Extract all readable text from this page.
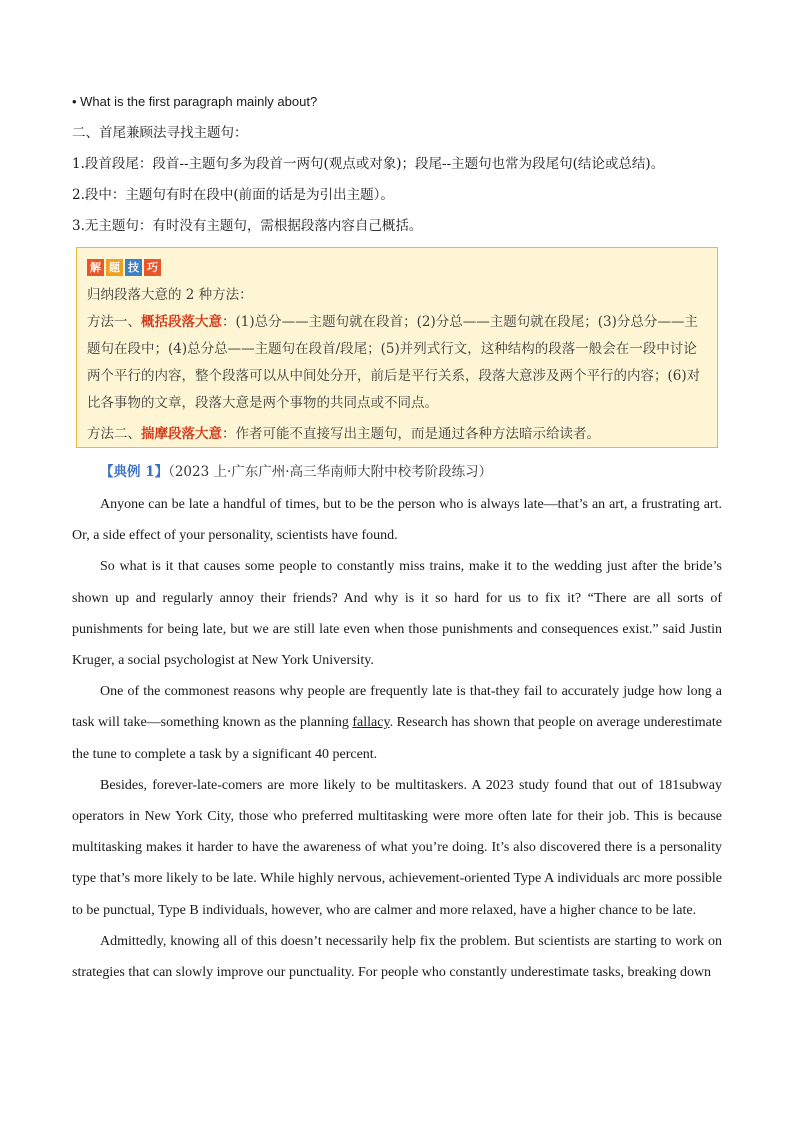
• What is the first paragraph mainly about?
二、首尾兼顾法寻找主题句：
1.段首段尾：段首--主题句多为段首一两句(观点或对象)；段尾--主题句也常为段尾句(结论或总结)。
2.段中：主题句有时在段中(前面的话是为引出主题）。
3.无主题句：有时没有主题句，需根据段落内容自己概括。
解 题 技 巧
归纳段落大意的 2 种方法：
方法一、概括段落大意：(1)总分——主题句就在段首；(2)分总——主题句就在段尾；(3)分总分——主题句在段中；(4)总分总——主题句在段首/段尾；(5)并列式行文，这种结构的段落一般会在一段中讨论两个平行的内容，整个段落可以从中间处分开，前后是平行关系，段落大意涉及两个平行的内容；(6)对比各事物的文章，段落大意是两个事物的共同点或不同点。
方法二、揣摩段落大意：作者可能不直接写出主题句，而是通过各种方法暗示给读者。
【典例 1】（2023 上·广东广州·高三华南师大附中校考阶段练习）

Anyone can be late a handful of times, but to be the person who is always late—that’s an art, a frustrating art. Or, a side effect of your personality, scientists have found.

So what is it that causes some people to constantly miss trains, make it to the wedding just after the bride’s shown up and regularly annoy their friends? And why is it so hard for us to fix it? “There are all sorts of punishments for being late, but we are still late even when those punishments and consequences exist.” said Justin Kruger, a social psychologist at New York University.

One of the commonest reasons why people are frequently late is that-they fail to accurately judge how long a task will take—something known as the planning fallacy. Research has shown that people on average underestimate the tune to complete a task by a significant 40 percent.

Besides, forever-late-comers are more likely to be multitaskers. A 2023 study found that out of 181subway operators in New York City, those who preferred multitasking were more often late for their job. This is because multitasking makes it harder to have the awareness of what you’re doing. It’s also discovered there is a personality type that’s more likely to be late. While highly nervous, achievement-oriented Type A individuals arc more possible to be punctual, Type B individuals, however, who are calmer and more relaxed, have a higher chance to be late.

Admittedly, knowing all of this doesn’t necessarily help fix the problem. But scientists are starting to work on strategies that can slowly improve our punctuality. For people who constantly underestimate tasks, breaking down
